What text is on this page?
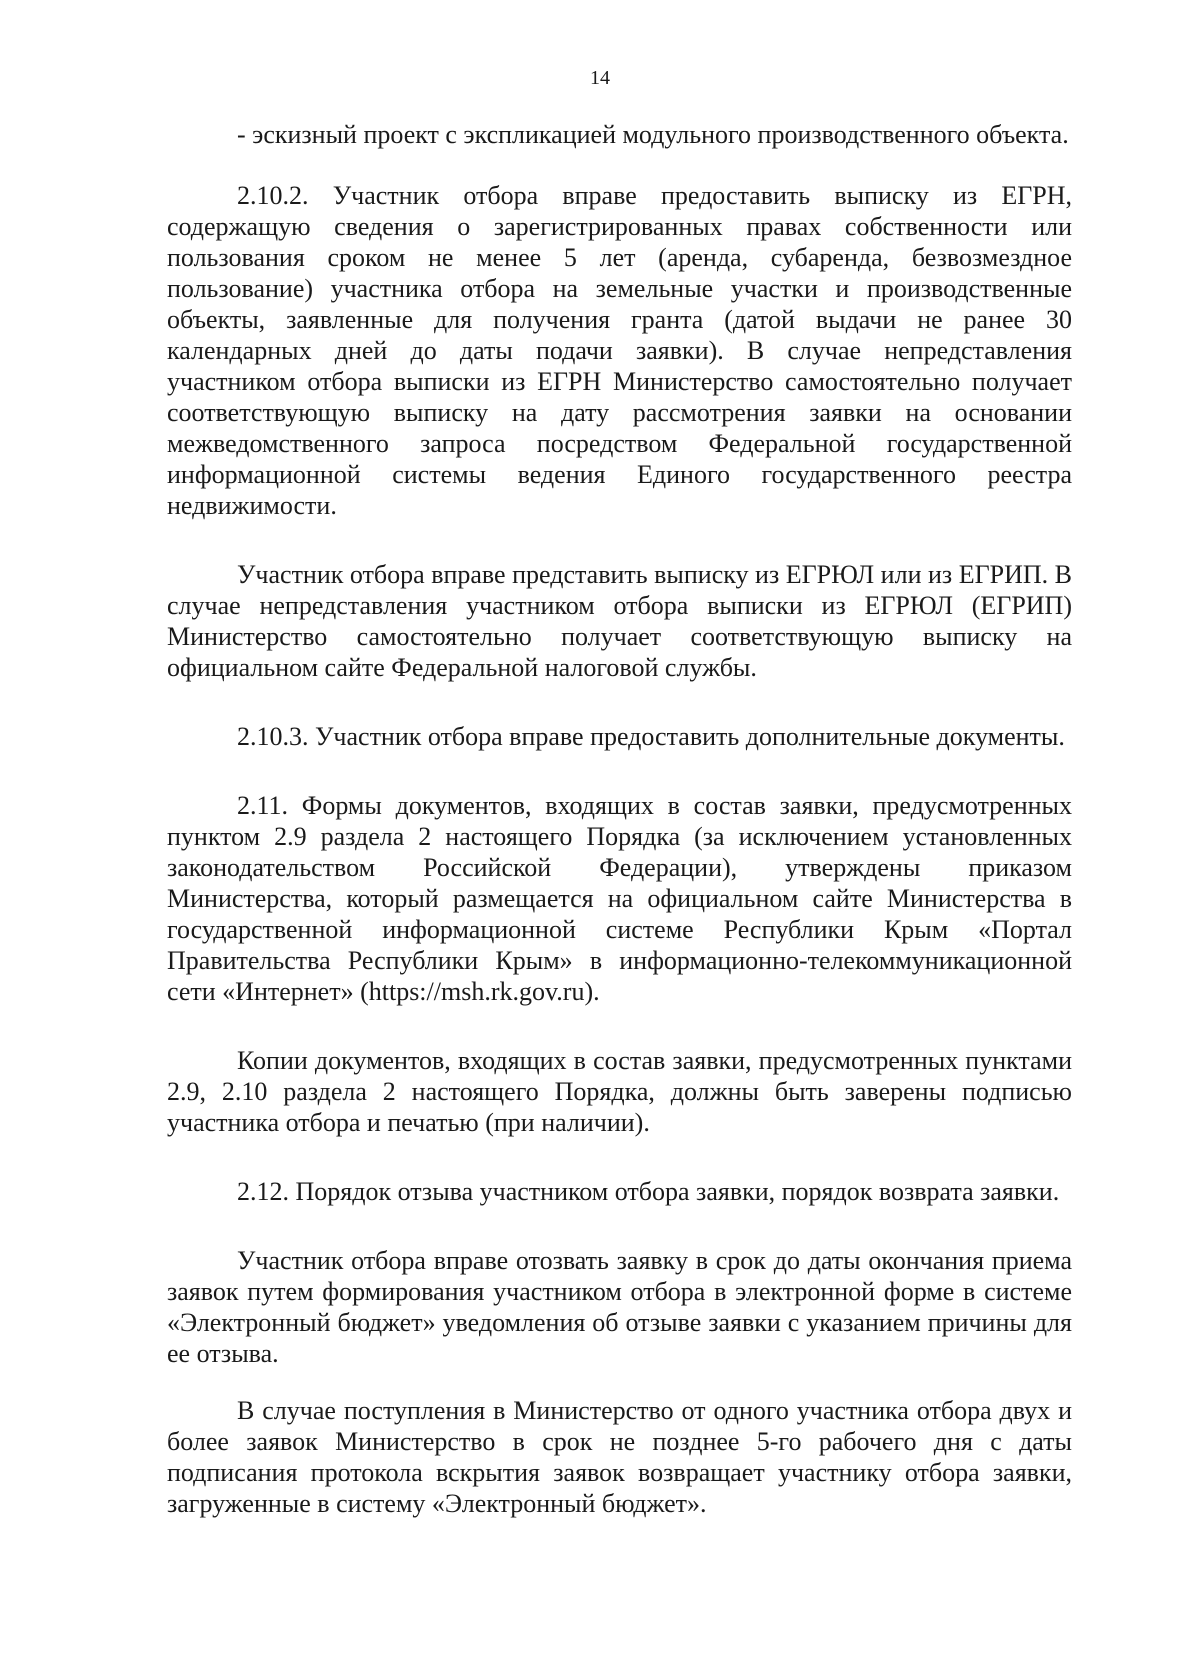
14

- эскизный проект с экспликацией модульного производственного объекта.

2.10.2. Участник отбора вправе предоставить выписку из ЕГРН, содержащую сведения о зарегистрированных правах собственности или пользования сроком не менее 5 лет (аренда, субаренда, безвозмездное пользование) участника отбора на земельные участки и производственные объекты, заявленные для получения гранта (датой выдачи не ранее 30 календарных дней до даты подачи заявки). В случае непредставления участником отбора выписки из ЕГРН Министерство самостоятельно получает соответствующую выписку на дату рассмотрения заявки на основании межведомственного запроса посредством Федеральной государственной информационной системы ведения Единого государственного реестра недвижимости.

Участник отбора вправе представить выписку из ЕГРЮЛ или из ЕГРИП. В случае непредставления участником отбора выписки из ЕГРЮЛ (ЕГРИП) Министерство самостоятельно получает соответствующую выписку на официальном сайте Федеральной налоговой службы.

2.10.3. Участник отбора вправе предоставить дополнительные документы.

2.11. Формы документов, входящих в состав заявки, предусмотренных пунктом 2.9 раздела 2 настоящего Порядка (за исключением установленных законодательством Российской Федерации), утверждены приказом Министерства, который размещается на официальном сайте Министерства в государственной информационной системе Республики Крым «Портал Правительства Республики Крым» в информационно-телекоммуникационной сети «Интернет» (https://msh.rk.gov.ru).

Копии документов, входящих в состав заявки, предусмотренных пунктами 2.9, 2.10 раздела 2 настоящего Порядка, должны быть заверены подписью участника отбора и печатью (при наличии).

2.12. Порядок отзыва участником отбора заявки, порядок возврата заявки.

Участник отбора вправе отозвать заявку в срок до даты окончания приема заявок путем формирования участником отбора в электронной форме в системе «Электронный бюджет» уведомления об отзыве заявки с указанием причины для ее отзыва.

В случае поступления в Министерство от одного участника отбора двух и более заявок Министерство в срок не позднее 5-го рабочего дня с даты подписания протокола вскрытия заявок возвращает участнику отбора заявки, загруженные в систему «Электронный бюджет».
